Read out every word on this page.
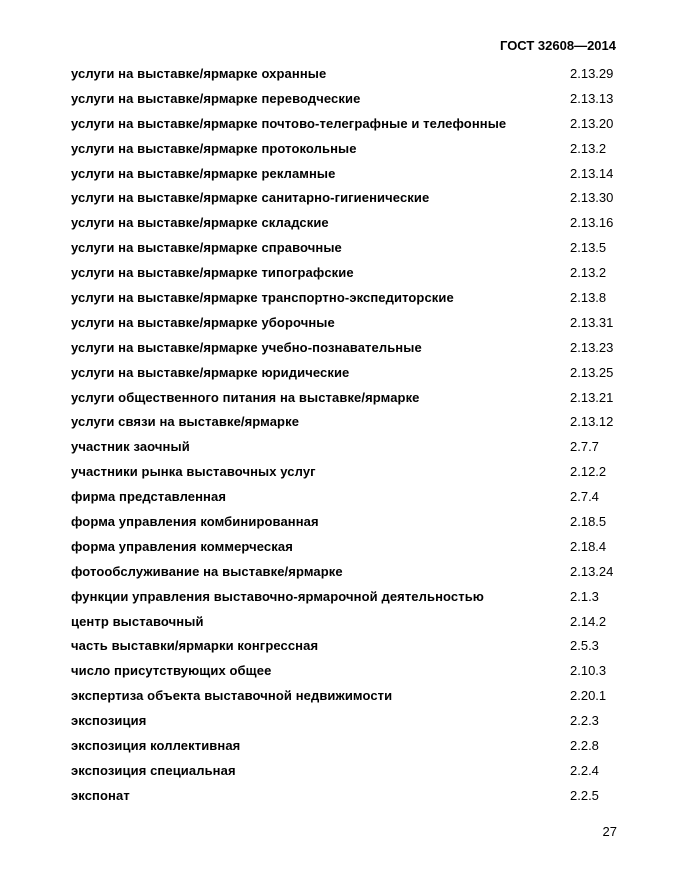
ГОСТ 32608—2014
услуги на выставке/ярмарке охранные	2.13.29
услуги на выставке/ярмарке переводческие	2.13.13
услуги на выставке/ярмарке почтово-телеграфные и телефонные	2.13.20
услуги на выставке/ярмарке протокольные	2.13.2
услуги на выставке/ярмарке рекламные	2.13.14
услуги на выставке/ярмарке санитарно-гигиенические	2.13.30
услуги на выставке/ярмарке складские	2.13.16
услуги на выставке/ярмарке справочные	2.13.5
услуги на выставке/ярмарке типографские	2.13.2
услуги на выставке/ярмарке транспортно-экспедиторские	2.13.8
услуги на выставке/ярмарке уборочные	2.13.31
услуги на выставке/ярмарке учебно-познавательные	2.13.23
услуги на выставке/ярмарке юридические	2.13.25
услуги общественного питания на выставке/ярмарке	2.13.21
услуги связи на выставке/ярмарке	2.13.12
участник заочный	2.7.7
участники рынка выставочных услуг	2.12.2
фирма представленная	2.7.4
форма управления комбинированная	2.18.5
форма управления коммерческая	2.18.4
фотообслуживание на выставке/ярмарке	2.13.24
функции управления выставочно-ярмарочной деятельностью	2.1.3
центр выставочный	2.14.2
часть выставки/ярмарки конгрессная	2.5.3
число присутствующих общее	2.10.3
экспертиза объекта выставочной недвижимости	2.20.1
экспозиция	2.2.3
экспозиция коллективная	2.2.8
экспозиция специальная	2.2.4
экспонат	2.2.5
27
